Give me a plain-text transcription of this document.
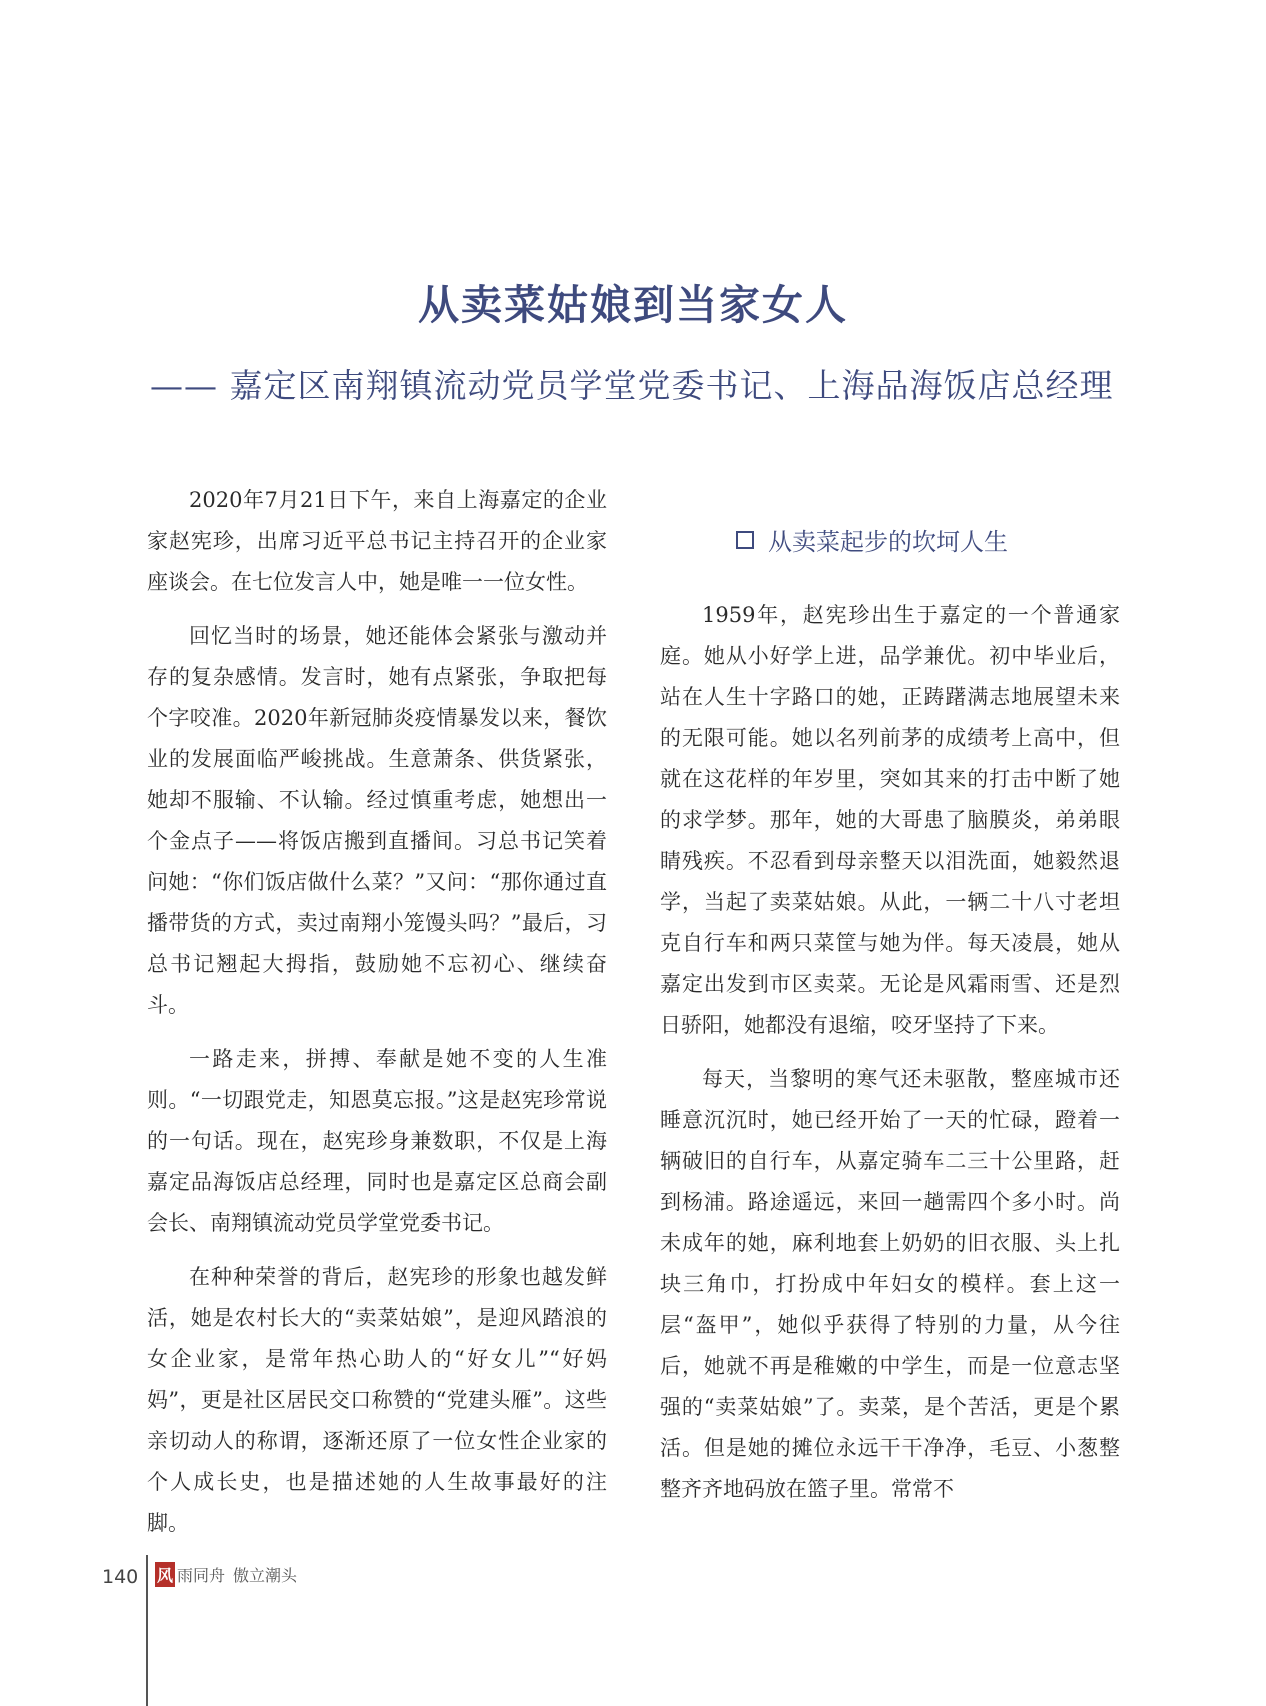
从卖菜姑娘到当家女人
—— 嘉定区南翔镇流动党员学堂党委书记、上海品海饭店总经理

2020年7月21日下午，来自上海嘉定的企业家赵宪珍，出席习近平总书记主持召开的企业家座谈会。在七位发言人中，她是唯一一位女性。

回忆当时的场景，她还能体会紧张与激动并存的复杂感情。发言时，她有点紧张，争取把每个字咬准。2020年新冠肺炎疫情暴发以来，餐饮业的发展面临严峻挑战。生意萧条、供货紧张，她却不服输、不认输。经过慎重考虑，她想出一个金点子——将饭店搬到直播间。习总书记笑着问她：“你们饭店做什么菜？”又问：“那你通过直播带货的方式，卖过南翔小笼馒头吗？”最后，习总书记翘起大拇指，鼓励她不忘初心、继续奋斗。

一路走来，拼搏、奉献是她不变的人生准则。“一切跟党走，知恩莫忘报。”这是赵宪珍常说的一句话。现在，赵宪珍身兼数职，不仅是上海嘉定品海饭店总经理，同时也是嘉定区总商会副会长、南翔镇流动党员学堂党委书记。

在种种荣誉的背后，赵宪珍的形象也越发鲜活，她是农村长大的“卖菜姑娘”，是迎风踏浪的女企业家，是常年热心助人的“好女儿”“好妈妈”，更是社区居民交口称赞的“党建头雁”。这些亲切动人的称谓，逐渐还原了一位女性企业家的个人成长史，也是描述她的人生故事最好的注脚。

从卖菜起步的坎坷人生

1959年，赵宪珍出生于嘉定的一个普通家庭。她从小好学上进，品学兼优。初中毕业后，站在人生十字路口的她，正踌躇满志地展望未来的无限可能。她以名列前茅的成绩考上高中，但就在这花样的年岁里，突如其来的打击中断了她的求学梦。那年，她的大哥患了脑膜炎，弟弟眼睛残疾。不忍看到母亲整天以泪洗面，她毅然退学，当起了卖菜姑娘。从此，一辆二十八寸老坦克自行车和两只菜筐与她为伴。每天凌晨，她从嘉定出发到市区卖菜。无论是风霜雨雪、还是烈日骄阳，她都没有退缩，咬牙坚持了下来。

每天，当黎明的寒气还未驱散，整座城市还睡意沉沉时，她已经开始了一天的忙碌，蹬着一辆破旧的自行车，从嘉定骑车二三十公里路，赶到杨浦。路途遥远，来回一趟需四个多小时。尚未成年的她，麻利地套上奶奶的旧衣服、头上扎块三角巾，打扮成中年妇女的模样。套上这一层“盔甲”，她似乎获得了特别的力量，从今往后，她就不再是稚嫩的中学生，而是一位意志坚强的“卖菜姑娘”了。卖菜，是个苦活，更是个累活。但是她的摊位永远干干净净，毛豆、小葱整整齐齐地码放在篮子里。常常不

140 风 雨同舟 傲立潮头
